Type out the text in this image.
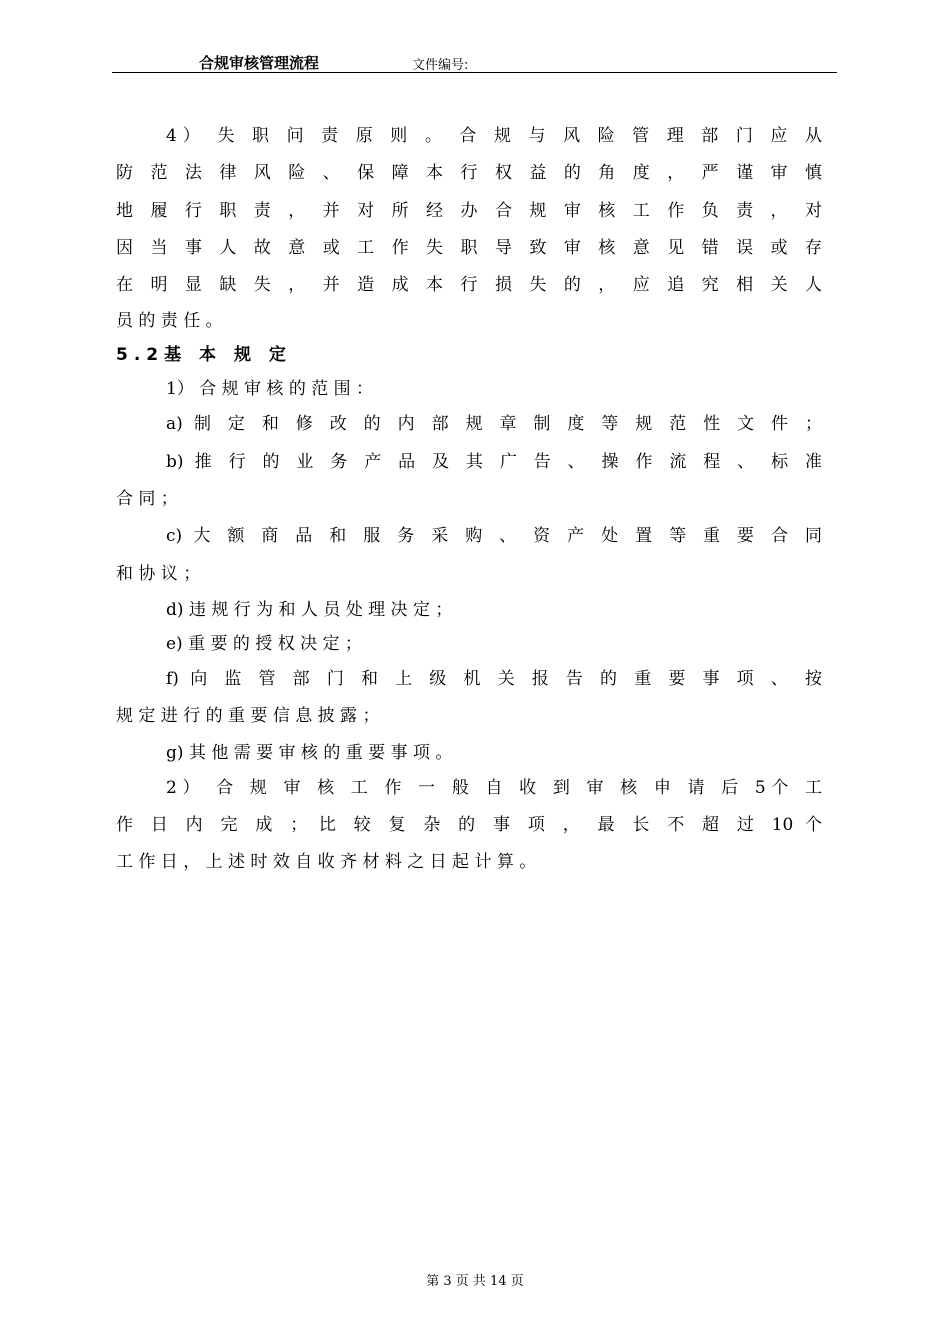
合规审核管理流程	文件编号:
4） 失 职 问 责 原 则 。 合 规 与 风 险 管 理 部 门 应 从
防 范 法 律 风 险 、 保 障 本 行 权 益 的 角 度 ， 严 谨 审 慎
地 履 行 职 责 ， 并 对 所 经 办 合 规 审 核 工 作 负 责 ， 对
因 当 事 人 故 意 或 工 作 失 职 导 致 审 核 意 见 错 误 或 存
在 明 显 缺 失 ， 并 造 成 本 行 损 失 的 ， 应 追 究 相 关 人
员 的 责 任 。
5.2基 本 规 定
1） 合 规 审 核 的 范 围 ：
a) 制 定 和 修 改 的 内 部 规 章 制 度 等 规 范 性 文 件 ；
b) 推 行 的 业 务 产 品 及 其 广 告 、 操 作 流 程 、 标 准
合 同 ；
c) 大 额 商 品 和 服 务 采 购 、 资 产 处 置 等 重 要 合 同
和 协 议 ；
d) 违 规 行 为 和 人 员 处 理 决 定 ；
e) 重 要 的 授 权 决 定 ；
f) 向 监 管 部 门 和 上 级 机 关 报 告 的 重 要 事 项 、 按
规 定 进 行 的 重 要 信 息 披 露 ；
g) 其 他 需 要 审 核 的 重 要 事 项 。
2） 合 规 审 核 工 作 一 般 自 收 到 审 核 申 请 后 5个 工
作 日 内 完 成 ； 比 较 复 杂 的 事 项 ， 最 长 不 超 过 10 个
工 作 日 ， 上 述 时 效 自 收 齐 材 料 之 日 起 计 算 。
第 3 页 共 14 页
